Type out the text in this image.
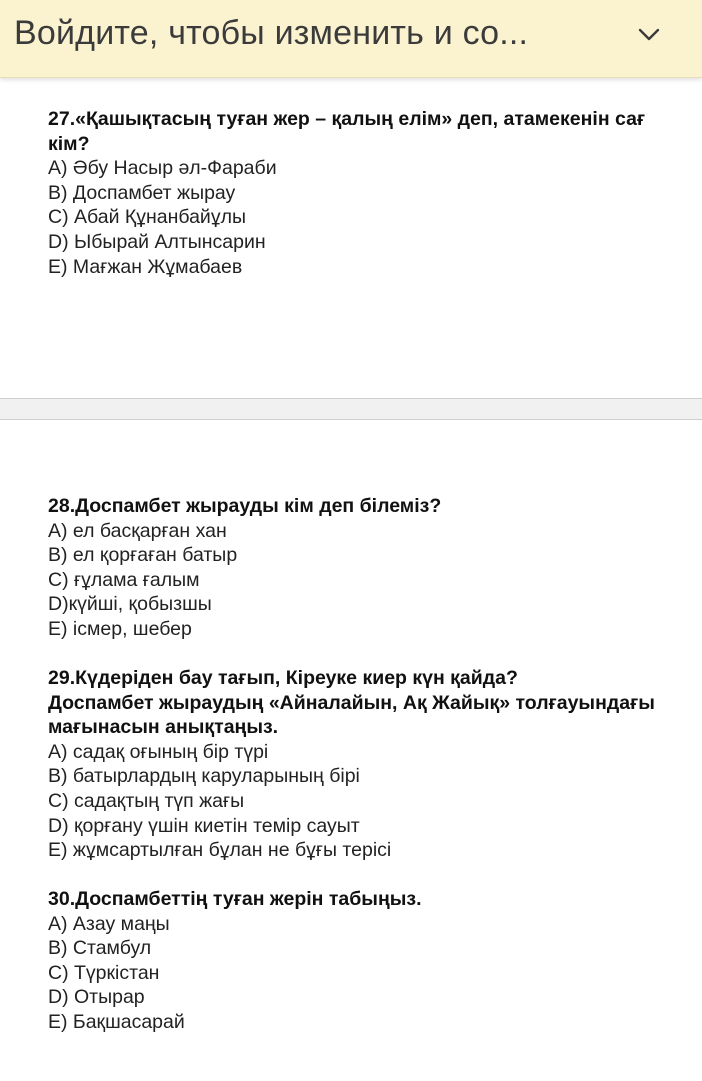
Войдите, чтобы изменить и со...
27.«Қашықтасың туған жер – қалың елім» деп, атамекенін сағ
кім?
А) Әбу Насыр әл-Фараби
В) Доспамбет жырау
С) Абай Құнанбайұлы
D) Ыбырай Алтынсарин
Е) Мағжан Жұмабаев
28.Доспамбет жырауды кім деп білеміз?
А) ел басқарған хан
В) ел қорғаған батыр
С) ғұлама ғалым
D)күйші, қобызшы
Е) ісмер, шебер
29.Күдеріден бау тағып, Кіреуке киер күн қайда?
Доспамбет жыраудың «Айналайын, Ақ Жайық» толғауындағы
мағынасын анықтаңыз.
А) садақ оғының бір түрі
В) батырлардың каруларының бірі
С) садақтың түп жағы
D) қорғану үшін киетін темір сауыт
Е) жұмсартылған бұлан не бұғы терісі
30.Доспамбеттің туған жерін табыңыз.
А) Азау маңы
В) Стамбул
С) Түркістан
D) Отырар
Е) Бақшасарай
